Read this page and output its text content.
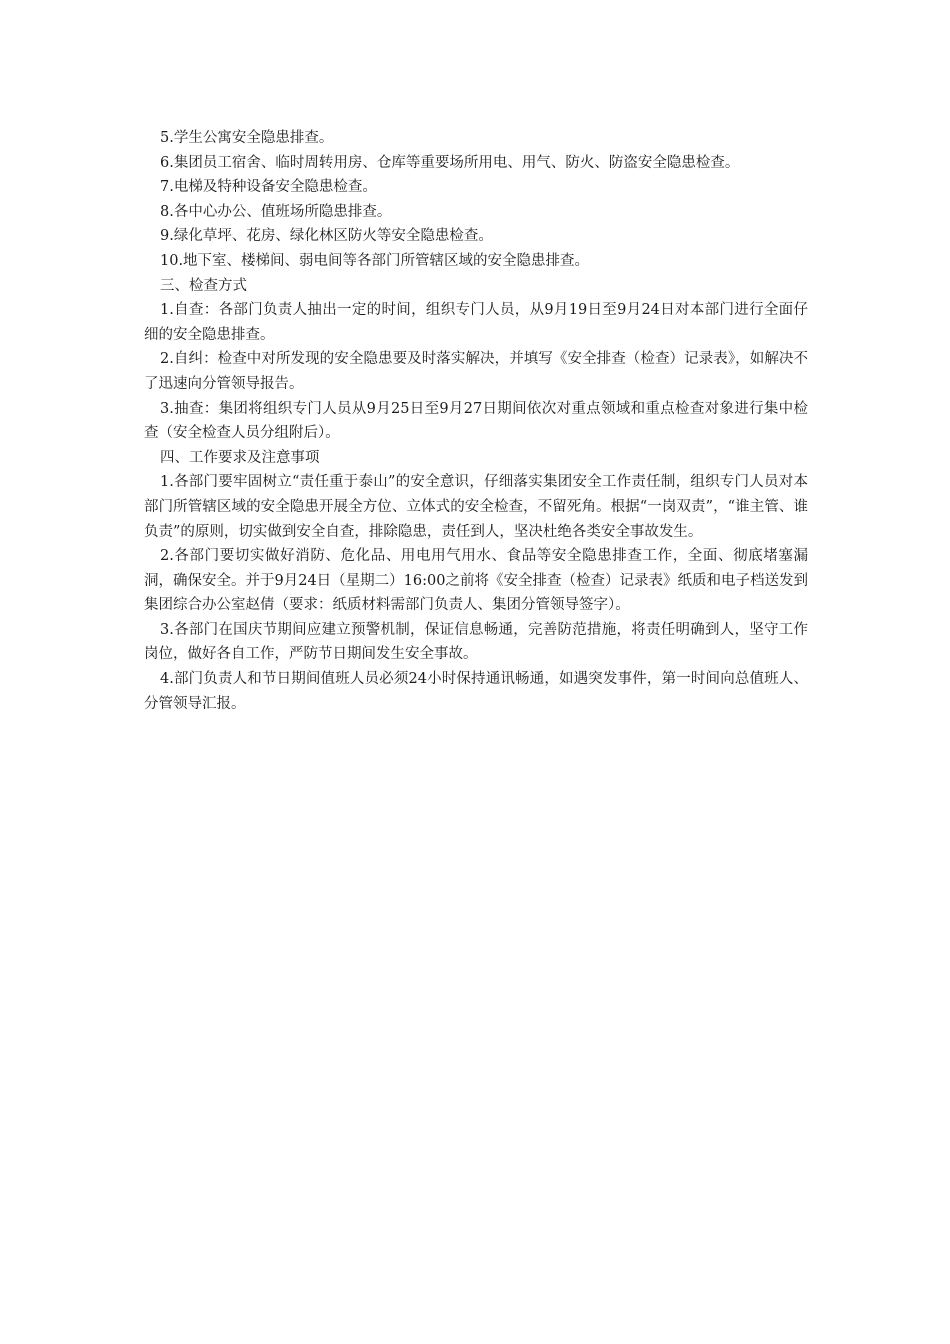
5.学生公寓安全隐患排查。

6.集团员工宿舍、临时周转用房、仓库等重要场所用电、用气、防火、防盗安全隐患检查。

7.电梯及特种设备安全隐患检查。

8.各中心办公、值班场所隐患排查。

9.绿化草坪、花房、绿化林区防火等安全隐患检查。

10.地下室、楼梯间、弱电间等各部门所管辖区域的安全隐患排查。

三、检查方式

1.自查：各部门负责人抽出一定的时间，组织专门人员，从9月19日至9月24日对本部门进行全面仔细的安全隐患排查。

2.自纠：检查中对所发现的安全隐患要及时落实解决，并填写《安全排查（检查）记录表》，如解决不了迅速向分管领导报告。

3.抽查：集团将组织专门人员从9月25日至9月27日期间依次对重点领域和重点检查对象进行集中检查（安全检查人员分组附后）。

四、工作要求及注意事项

1.各部门要牢固树立“责任重于泰山”的安全意识，仔细落实集团安全工作责任制，组织专门人员对本部门所管辖区域的安全隐患开展全方位、立体式的安全检查，不留死角。根据“一岗双责”，“谁主管、谁负责”的原则，切实做到安全自查，排除隐患，责任到人，坚决杜绝各类安全事故发生。

2.各部门要切实做好消防、危化品、用电用气用水、食品等安全隐患排查工作，全面、彻底堵塞漏洞，确保安全。并于9月24日（星期二）16:00之前将《安全排查（检查）记录表》纸质和电子档送发到集团综合办公室赵倩（要求：纸质材料需部门负责人、集团分管领导签字）。

3.各部门在国庆节期间应建立预警机制，保证信息畅通，完善防范措施，将责任明确到人，坚守工作岗位，做好各自工作，严防节日期间发生安全事故。

4.部门负责人和节日期间值班人员必须24小时保持通讯畅通，如遇突发事件，第一时间向总值班人、分管领导汇报。
